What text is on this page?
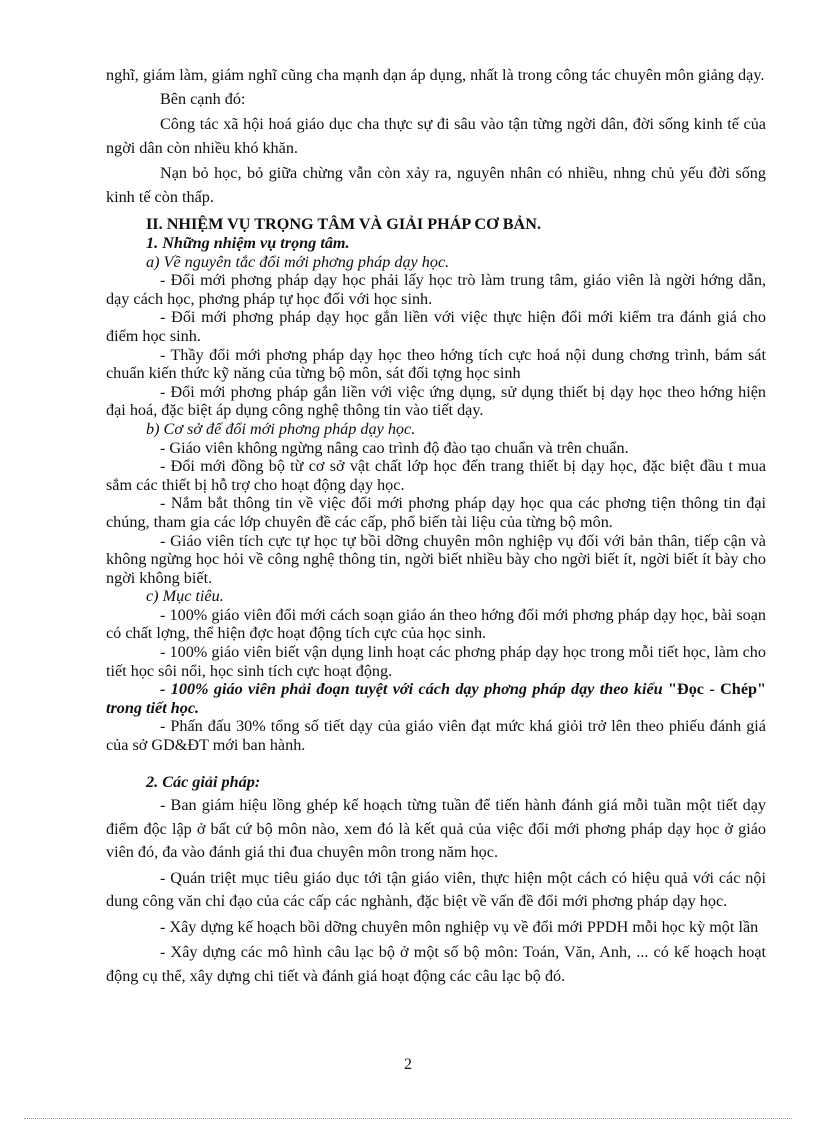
nghĩ, giám làm, giám nghĩ cũng cha mạnh dạn áp dụng, nhất là trong công tác chuyên môn giảng dạy.

Bên cạnh đó:

Công tác xã hội hoá giáo dục cha thực sự đi sâu vào tận từng ngời dân, đời sống kinh tế của ngời dân còn nhiều khó khăn.

Nạn bỏ học, bỏ giữa chừng vẫn còn xảy ra, nguyên nhân có nhiều, nhng chủ yếu đời sống kinh tế còn thấp.

II. NHIỆM VỤ TRỌNG TÂM VÀ GIẢI PHÁP CƠ BẢN.

1. Những nhiệm vụ trọng tâm.

a) Về nguyên tắc đổi mới phơng pháp dạy học.

- Đổi mới phơng pháp dạy học phải lấy học trò làm trung tâm, giáo viên là ngời hớng dẫn, dạy cách học, phơng pháp tự học đối với học sinh.

- Đổi mới phơng pháp dạy học gắn liền với việc thực hiện đổi mới kiểm tra đánh giá cho điểm học sinh.

- Thầy đổi mới phơng pháp dạy học theo hớng tích cực hoá nội dung chơng trình, bám sát chuẩn kiến thức kỹ năng của từng bộ môn, sát đối tợng học sinh

- Đổi mới phơng pháp gắn liền với việc ứng dụng, sử dụng thiết bị dạy học theo hớng hiện đại hoá, đặc biệt áp dụng công nghệ thông tin vào tiết dạy.

b) Cơ sở để đổi mới phơng pháp dạy học.

- Giáo viên không ngừng nâng cao trình độ đào tạo chuẩn và trên chuẩn.

- Đổi mới đồng bộ từ cơ sở vật chất lớp học đến trang thiết bị dạy học, đặc biệt đầu t mua sắm các thiết bị hỗ trợ cho hoạt động dạy học.

- Nắm bắt thông tin về việc đổi mới phơng pháp dạy học qua các phơng tiện thông tin đại chúng, tham gia các lớp chuyên đề các cấp, phổ biến tài liệu của từng bộ môn.

- Giáo viên tích cực tự học tự bồi dỡng chuyên môn nghiệp vụ đối với bản thân, tiếp cận và không ngừng học hỏi về công nghệ thông tin, ngời biết nhiều bày cho ngời biết ít, ngời biết ít bày cho ngời không biết.

c) Mục tiêu.

- 100% giáo viên đổi mới cách soạn giáo án theo hớng đổi mới phơng pháp dạy học, bài soạn có chất lợng, thể hiện đợc hoạt động tích cực của học sinh.

- 100% giáo viên biết vận dụng linh hoạt các phơng pháp dạy học trong mỗi tiết học, làm cho tiết học sôi nổi, học sinh tích cực hoạt động.

- 100% giáo viên phải đoạn tuyệt với cách dạy phơng pháp dạy theo kiểu "Đọc - Chép" trong tiết học.

- Phấn đấu 30% tổng số tiết dạy của giáo viên đạt mức khá giỏi trở lên theo phiếu đánh giá của sở GD&ĐT mới ban hành.

2. Các giải pháp:

- Ban giám hiệu lồng ghép kế hoạch từng tuần để tiến hành đánh giá mỗi tuần một tiết dạy điểm độc lập ở bất cứ bộ môn nào, xem đó là kết quả của việc đổi mới phơng pháp dạy học ở giáo viên đó, đa vào đánh giá thi đua chuyên môn trong năm học.

- Quán triệt mục tiêu giáo dục tới tận giáo viên, thực hiện một cách có hiệu quả với các nội dung công văn chỉ đạo của các cấp các nghành, đặc biệt về vấn đề đổi mới phơng pháp dạy học.

- Xây dựng kế hoạch bồi dỡng chuyên môn nghiệp vụ về đổi mới PPDH mỗi học kỳ một lần

- Xây dựng các mô hình câu lạc bộ ở một số bộ môn: Toán, Văn, Anh, ... có kế hoạch hoạt động cụ thể, xây dựng chi tiết và đánh giá hoạt động các câu lạc bộ đó.

2
